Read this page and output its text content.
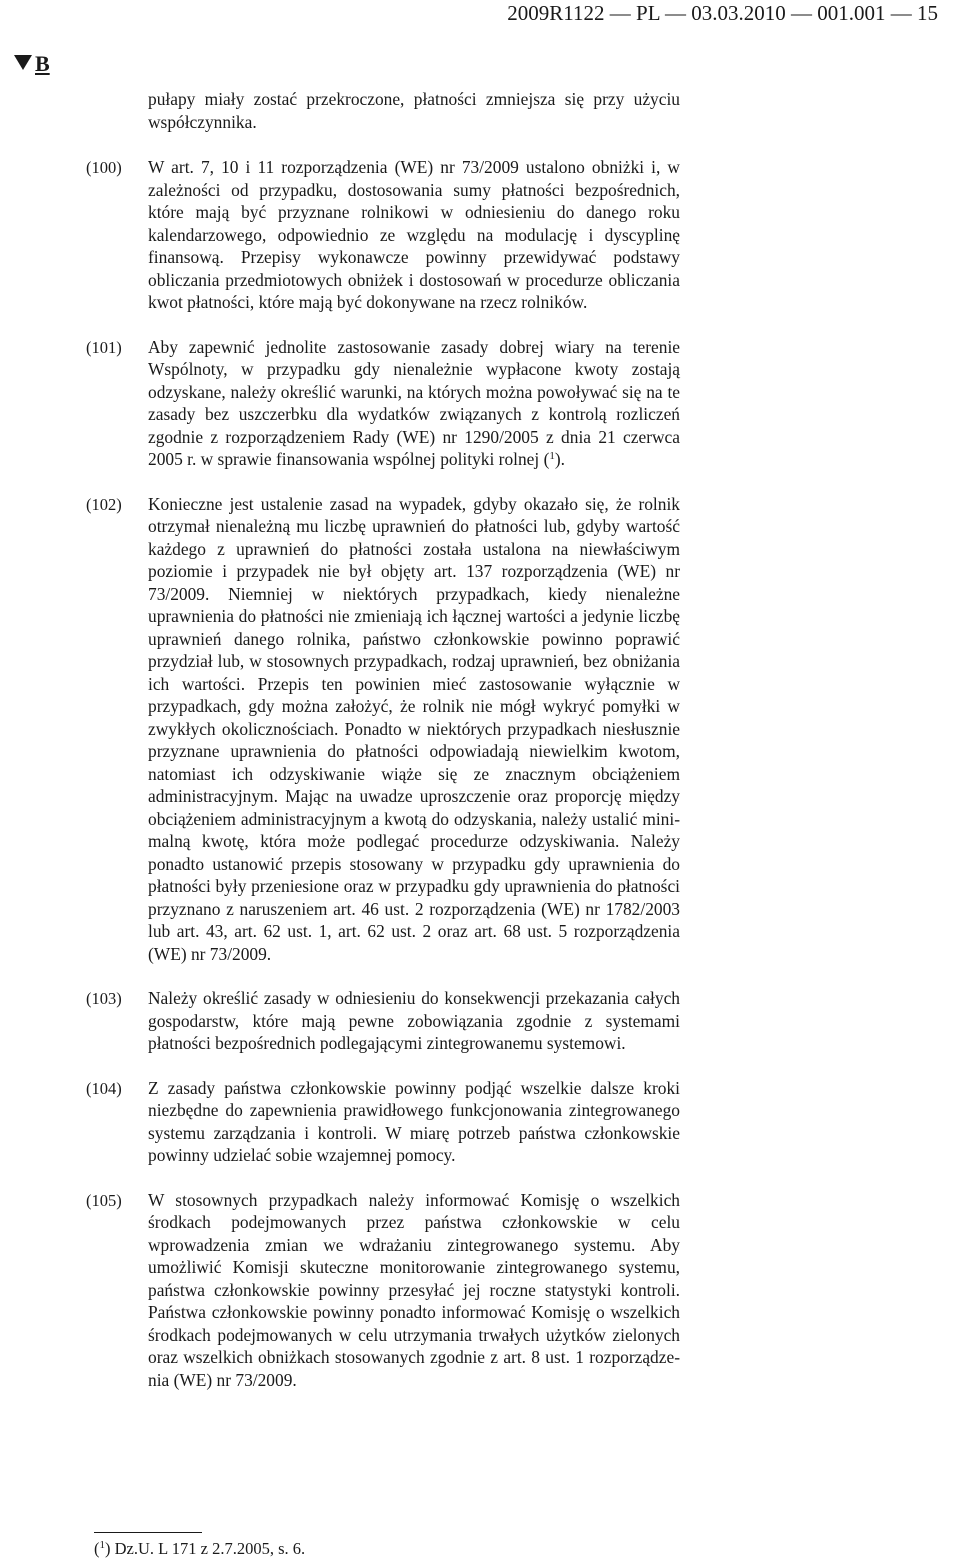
2009R1122 — PL — 03.03.2010 — 001.001 — 15
B
pułapy miały zostać przekroczone, płatności zmniejsza się przy użyciu współczynnika.
(100) W art. 7, 10 i 11 rozporządzenia (WE) nr 73/2009 ustalono obniżki i, w zależności od przypadku, dostosowania sumy płatności bezpośrednich, które mają być przyznane rolnikowi w odniesieniu do danego roku kalendarzowego, odpowiednio ze względu na modulację i dyscyplinę finansową. Przepisy wykonawcze powinny przewidywać podstawy obliczania przedmiotowych obniżek i dostosowań w procedurze obliczania kwot płatności, które mają być dokonywane na rzecz rolników.
(101) Aby zapewnić jednolite zastosowanie zasady dobrej wiary na terenie Wspólnoty, w przypadku gdy nienależnie wypłacone kwoty zostają odzyskane, należy określić warunki, na których można powoływać się na te zasady bez uszczerbku dla wydatków związanych z kontrolą rozliczeń zgodnie z rozporządzeniem Rady (WE) nr 1290/2005 z dnia 21 czerwca 2005 r. w sprawie finansowania wspólnej polityki rolnej ($^1$).
(102) Konieczne jest ustalenie zasad na wypadek, gdyby okazało się, że rolnik otrzymał nienależną mu liczbę uprawnień do płatności lub, gdyby wartość każdego z uprawnień do płatności została ustalona na niewłaściwym poziomie i przypadek nie był objęty art. 137 rozporządzenia (WE) nr 73/2009. Niemniej w niektórych przypadkach, kiedy nienależne uprawnienia do płatności nie zmieniają ich łącznej wartości a jedynie liczbę uprawnień danego rolnika, państwo członkowskie powinno poprawić przydział lub, w stosownych przypadkach, rodzaj uprawnień, bez obniżania ich wartości. Przepis ten powinien mieć zastosowanie wyłącznie w przypadkach, gdy można założyć, że rolnik nie mógł wykryć pomyłki w zwykłych okolicznościach. Ponadto w niektórych przypadkach niesłusznie przyznane uprawnienia do płatności odpowiadają niewielkim kwotom, natomiast ich odzyskiwanie wiąże się ze znacznym obciążeniem administracyjnym. Mając na uwadze uproszczenie oraz proporcję między obciążeniem administracyjnym a kwotą do odzyskania, należy ustalić minimalną kwotę, która może podlegać procedurze odzyskiwania. Należy ponadto ustanowić przepis stosowany w przypadku gdy uprawnienia do płatności były przeniesione oraz w przypadku gdy uprawnienia do płatności przyznano z naruszeniem art. 46 ust. 2 rozporządzenia (WE) nr 1782/2003 lub art. 43, art. 62 ust. 1, art. 62 ust. 2 oraz art. 68 ust. 5 rozporządzenia (WE) nr 73/2009.
(103) Należy określić zasady w odniesieniu do konsekwencji przekazania całych gospodarstw, które mają pewne zobowiązania zgodnie z systemami płatności bezpośrednich podlegającymi zintegrowanemu systemowi.
(104) Z zasady państwa członkowskie powinny podjąć wszelkie dalsze kroki niezbędne do zapewnienia prawidłowego funkcjonowania zintegrowanego systemu zarządzania i kontroli. W miarę potrzeb państwa członkowskie powinny udzielać sobie wzajemnej pomocy.
(105) W stosownych przypadkach należy informować Komisję o wszelkich środkach podejmowanych przez państwa członkowskie w celu wprowadzenia zmian we wdrażaniu zintegrowanego systemu. Aby umożliwić Komisji skuteczne monitorowanie zintegrowanego systemu, państwa członkowskie powinny przesyłać jej roczne statystyki kontroli. Państwa członkowskie powinny ponadto informować Komisję o wszelkich środkach podejmowanych w celu utrzymania trwałych użytków zielonych oraz wszelkich obniżkach stosowanych zgodnie z art. 8 ust. 1 rozporządzenia (WE) nr 73/2009.
($^1$) Dz.U. L 171 z 2.7.2005, s. 6.
